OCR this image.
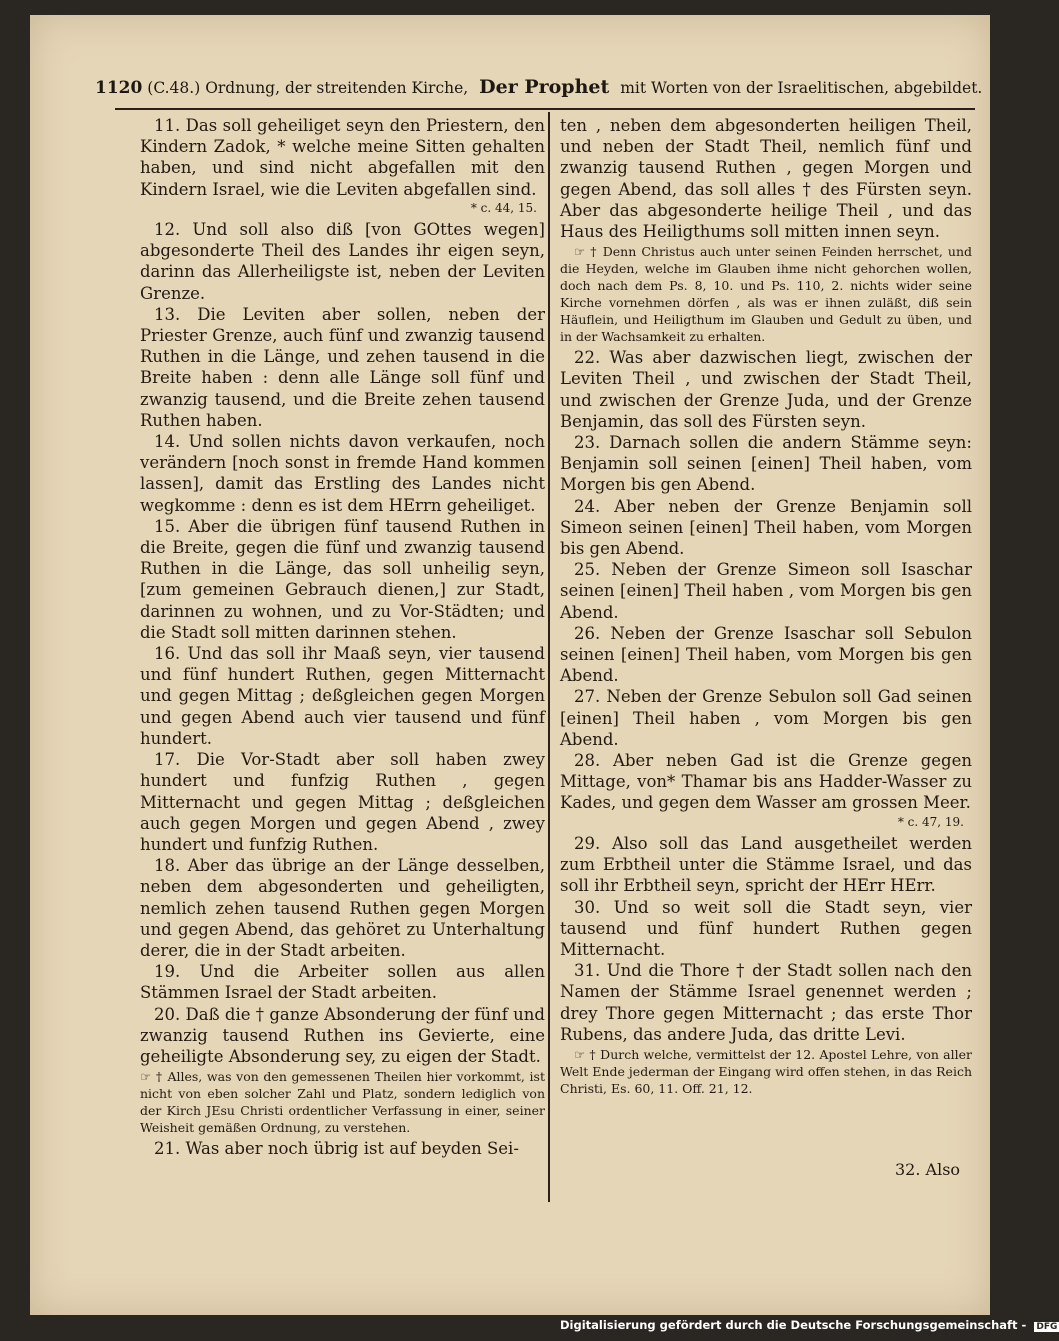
1120 (C.48.) Ordnung, der streitenden Kirche, Der Prophet mit Worten von der Israelitischen, abgebildet.

11. Das soll geheiliget seyn den Priestern, den Kindern Zadok, * welche meine Sitten gehalten haben, und sind nicht abgefallen mit den Kindern Israel, wie die Leviten abgefallen sind.

* c. 44, 15.

12. Und soll also diß [von GOttes wegen] abgesonderte Theil des Landes ihr eigen seyn, darinn das Allerheiligste ist, neben der Leviten Grenze.

13. Die Leviten aber sollen, neben der Priester Grenze, auch fünf und zwanzig tausend Ruthen in die Länge, und zehen tausend in die Breite haben : denn alle Länge soll fünf und zwanzig tausend, und die Breite zehen tausend Ruthen haben.

14. Und sollen nichts davon verkaufen, noch verändern [noch sonst in fremde Hand kommen lassen], damit das Erstling des Landes nicht wegkomme : denn es ist dem HErrn geheiliget.

15. Aber die übrigen fünf tausend Ruthen in die Breite, gegen die fünf und zwanzig tausend Ruthen in die Länge, das soll unheilig seyn, [zum gemeinen Gebrauch dienen,] zur Stadt, darinnen zu wohnen, und zu Vor-Städten; und die Stadt soll mitten darinnen stehen.

16. Und das soll ihr Maaß seyn, vier tausend und fünf hundert Ruthen, gegen Mitternacht und gegen Mittag ; deßgleichen gegen Morgen und gegen Abend auch vier tausend und fünf hundert.

17. Die Vor-Stadt aber soll haben zwey hundert und funfzig Ruthen , gegen Mitternacht und gegen Mittag ; deßgleichen auch gegen Morgen und gegen Abend , zwey hundert und funfzig Ruthen.

18. Aber das übrige an der Länge desselben, neben dem abgesonderten und geheiligten, nemlich zehen tausend Ruthen gegen Morgen und gegen Abend, das gehöret zu Unterhaltung derer, die in der Stadt arbeiten.

19. Und die Arbeiter sollen aus allen Stämmen Israel der Stadt arbeiten.

20. Daß die † ganze Absonderung der fünf und zwanzig tausend Ruthen ins Gevierte, eine geheiligte Absonderung sey, zu eigen der Stadt.

☞ † Alles, was von den gemessenen Theilen hier vorkommt, ist nicht von eben solcher Zahl und Platz, sondern lediglich von der Kirch JEsu Christi ordentlicher Verfassung in einer, seiner Weisheit gemäßen Ordnung, zu verstehen.

21. Was aber noch übrig ist auf beyden Sei-

ten , neben dem abgesonderten heiligen Theil, und neben der Stadt Theil, nemlich fünf und zwanzig tausend Ruthen , gegen Morgen und gegen Abend, das soll alles † des Fürsten seyn. Aber das abgesonderte heilige Theil , und das Haus des Heiligthums soll mitten innen seyn.

☞ † Denn Christus auch unter seinen Feinden herrschet, und die Heyden, welche im Glauben ihme nicht gehorchen wollen, doch nach dem Ps. 8, 10. und Ps. 110, 2. nichts wider seine Kirche vornehmen dörfen , als was er ihnen zuläßt, diß sein Häuflein, und Heiligthum im Glauben und Gedult zu üben, und in der Wachsamkeit zu erhalten.

22. Was aber dazwischen liegt, zwischen der Leviten Theil , und zwischen der Stadt Theil, und zwischen der Grenze Juda, und der Grenze Benjamin, das soll des Fürsten seyn.

23. Darnach sollen die andern Stämme seyn: Benjamin soll seinen [einen] Theil haben, vom Morgen bis gen Abend.

24. Aber neben der Grenze Benjamin soll Simeon seinen [einen] Theil haben, vom Morgen bis gen Abend.

25. Neben der Grenze Simeon soll Isaschar seinen [einen] Theil haben , vom Morgen bis gen Abend.

26. Neben der Grenze Isaschar soll Sebulon seinen [einen] Theil haben, vom Morgen bis gen Abend.

27. Neben der Grenze Sebulon soll Gad seinen [einen] Theil haben , vom Morgen bis gen Abend.

28. Aber neben Gad ist die Grenze gegen Mittage, von* Thamar bis ans Hadder-Wasser zu Kades, und gegen dem Wasser am grossen Meer.

* c. 47, 19.

29. Also soll das Land ausgetheilet werden zum Erbtheil unter die Stämme Israel, und das soll ihr Erbtheil seyn, spricht der HErr HErr.

30. Und so weit soll die Stadt seyn, vier tausend und fünf hundert Ruthen gegen Mitternacht.

31. Und die Thore † der Stadt sollen nach den Namen der Stämme Israel genennet werden ; drey Thore gegen Mitternacht ; das erste Thor Rubens, das andere Juda, das dritte Levi.

☞ † Durch welche, vermittelst der 12. Apostel Lehre, von aller Welt Ende jederman der Eingang wird offen stehen, in das Reich Christi, Es. 60, 11. Off. 21, 12.

32. Also
Digitalisierung gefördert durch die Deutsche Forschungsgemeinschaft - DFG
